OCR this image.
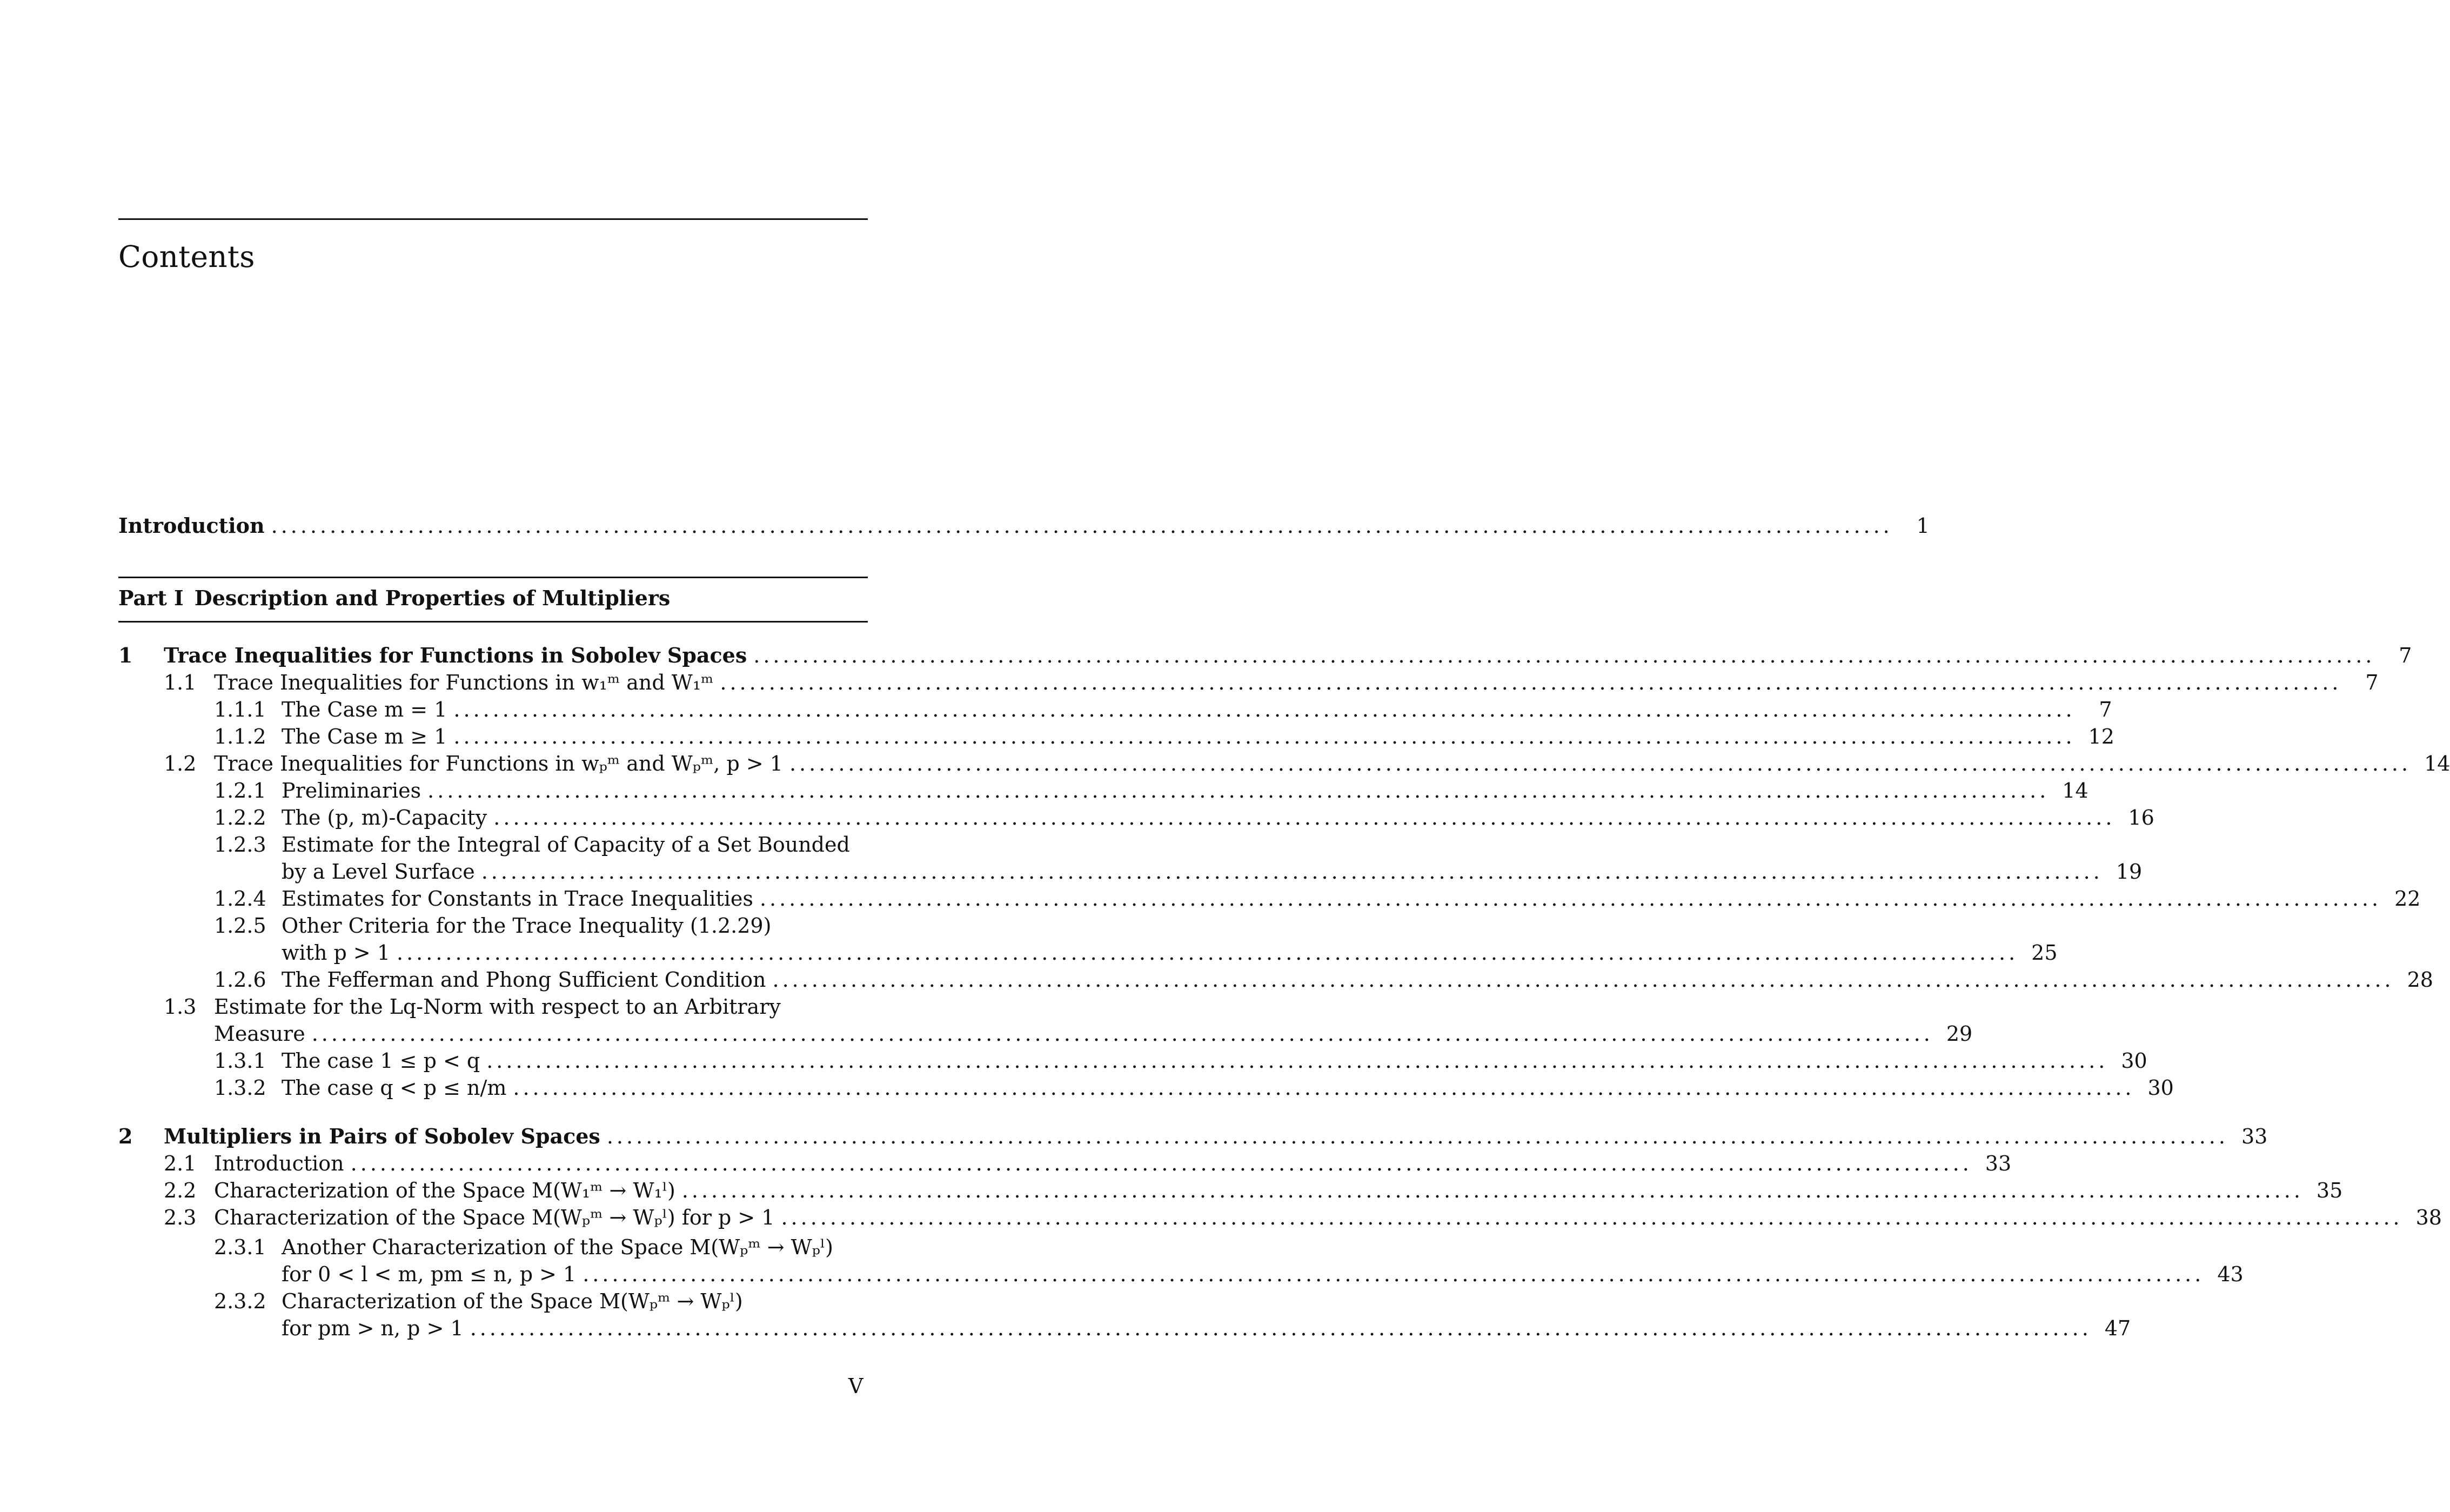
Contents
Introduction ......................................................................................................................................................................	1
Part I Description and Properties of Multipliers
1 Trace Inequalities for Functions in Sobolev Spaces ......................................................................................................................................................................	7
1.1 Trace Inequalities for Functions in w₁ᵐ and W₁ᵐ ......................................................................................................................................................................	7
1.1.1 The Case m = 1 ......................................................................................................................................................................	7
1.1.2 The Case m ≥ 1 ...................................................................................................................................................................... 12
1.2 Trace Inequalities for Functions in wₚᵐ and Wₚᵐ, p > 1 ...................................................................................................................................................................... 14
1.2.1 Preliminaries ...................................................................................................................................................................... 14
1.2.2 The (p, m)-Capacity ...................................................................................................................................................................... 16
1.2.3 Estimate for the Integral of Capacity of a Set Bounded
by a Level Surface ...................................................................................................................................................................... 19
1.2.4 Estimates for Constants in Trace Inequalities ...................................................................................................................................................................... 22
1.2.5 Other Criteria for the Trace Inequality (1.2.29)
with p > 1 ...................................................................................................................................................................... 25
1.2.6 The Fefferman and Phong Sufficient Condition ...................................................................................................................................................................... 28
1.3 Estimate for the Lq-Norm with respect to an Arbitrary
Measure ...................................................................................................................................................................... 29
1.3.1 The case 1 ≤ p < q ...................................................................................................................................................................... 30
1.3.2 The case q < p ≤ n/m ...................................................................................................................................................................... 30
2 Multipliers in Pairs of Sobolev Spaces ...................................................................................................................................................................... 33
2.1 Introduction ...................................................................................................................................................................... 33
2.2 Characterization of the Space M(W₁ᵐ → W₁ˡ) ...................................................................................................................................................................... 35
2.3 Characterization of the Space M(Wₚᵐ → Wₚˡ) for p > 1 ...................................................................................................................................................................... 38
2.3.1 Another Characterization of the Space M(Wₚᵐ → Wₚˡ)
for 0 < l < m, pm ≤ n, p > 1 ...................................................................................................................................................................... 43
2.3.2 Characterization of the Space M(Wₚᵐ → Wₚˡ)
for pm > n, p > 1 ...................................................................................................................................................................... 47
V
